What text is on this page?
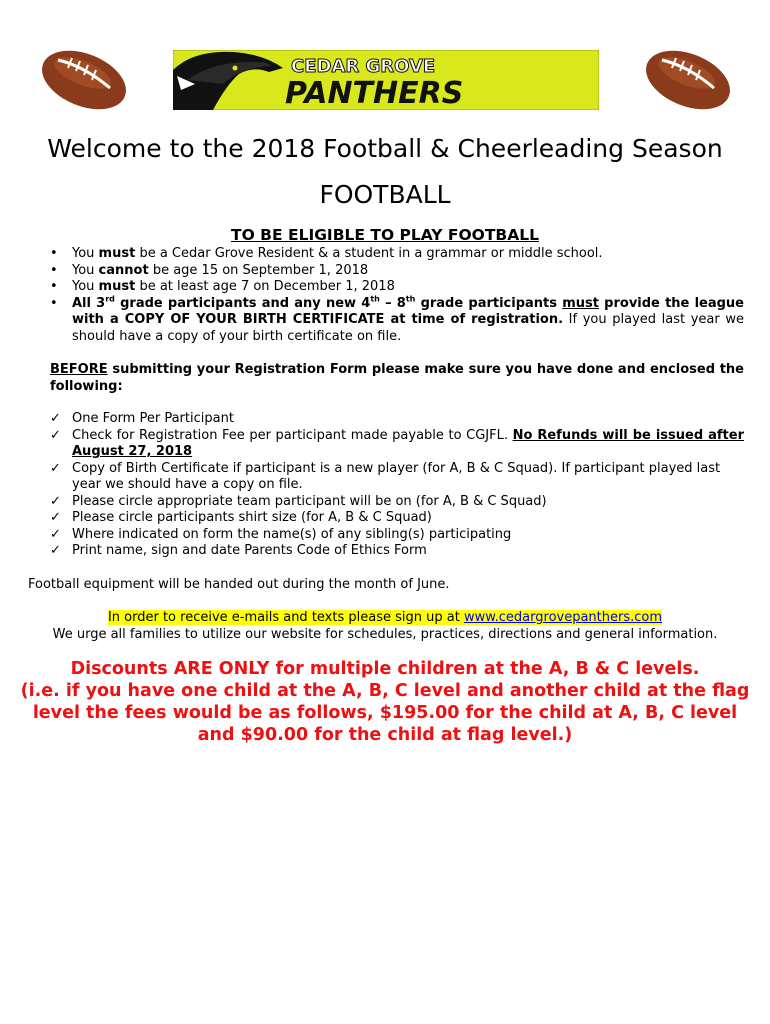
CEDAR GROVE
PANTHERS
Welcome to the 2018 Football & Cheerleading Season
FOOTBALL
TO BE ELIGIBLE TO PLAY FOOTBALL
• You must be a Cedar Grove Resident & a student in a grammar or middle school.
• You cannot be age 15 on September 1, 2018
• You must be at least age 7 on December 1, 2018
• All 3rd grade participants and any new 4th – 8th grade participants must provide the league with a COPY OF YOUR BIRTH CERTIFICATE at time of registration. If you played last year we should have a copy of your birth certificate on file.
BEFORE submitting your Registration Form please make sure you have done and enclosed the following:
✓ One Form Per Participant
✓ Check for Registration Fee per participant made payable to CGJFL. No Refunds will be issued after August 27, 2018
✓ Copy of Birth Certificate if participant is a new player (for A, B & C Squad). If participant played last year we should have a copy on file.
✓ Please circle appropriate team participant will be on (for A, B & C Squad)
✓ Please circle participants shirt size (for A, B & C Squad)
✓ Where indicated on form the name(s) of any sibling(s) participating
✓ Print name, sign and date Parents Code of Ethics Form
Football equipment will be handed out during the month of June.
In order to receive e-mails and texts please sign up at www.cedargrovepanthers.com
We urge all families to utilize our website for schedules, practices, directions and general information.
Discounts ARE ONLY for multiple children at the A, B & C levels.
(i.e. if you have one child at the A, B, C level and another child at the flag level the fees would be as follows, $195.00 for the child at A, B, C level and $90.00 for the child at flag level.)
